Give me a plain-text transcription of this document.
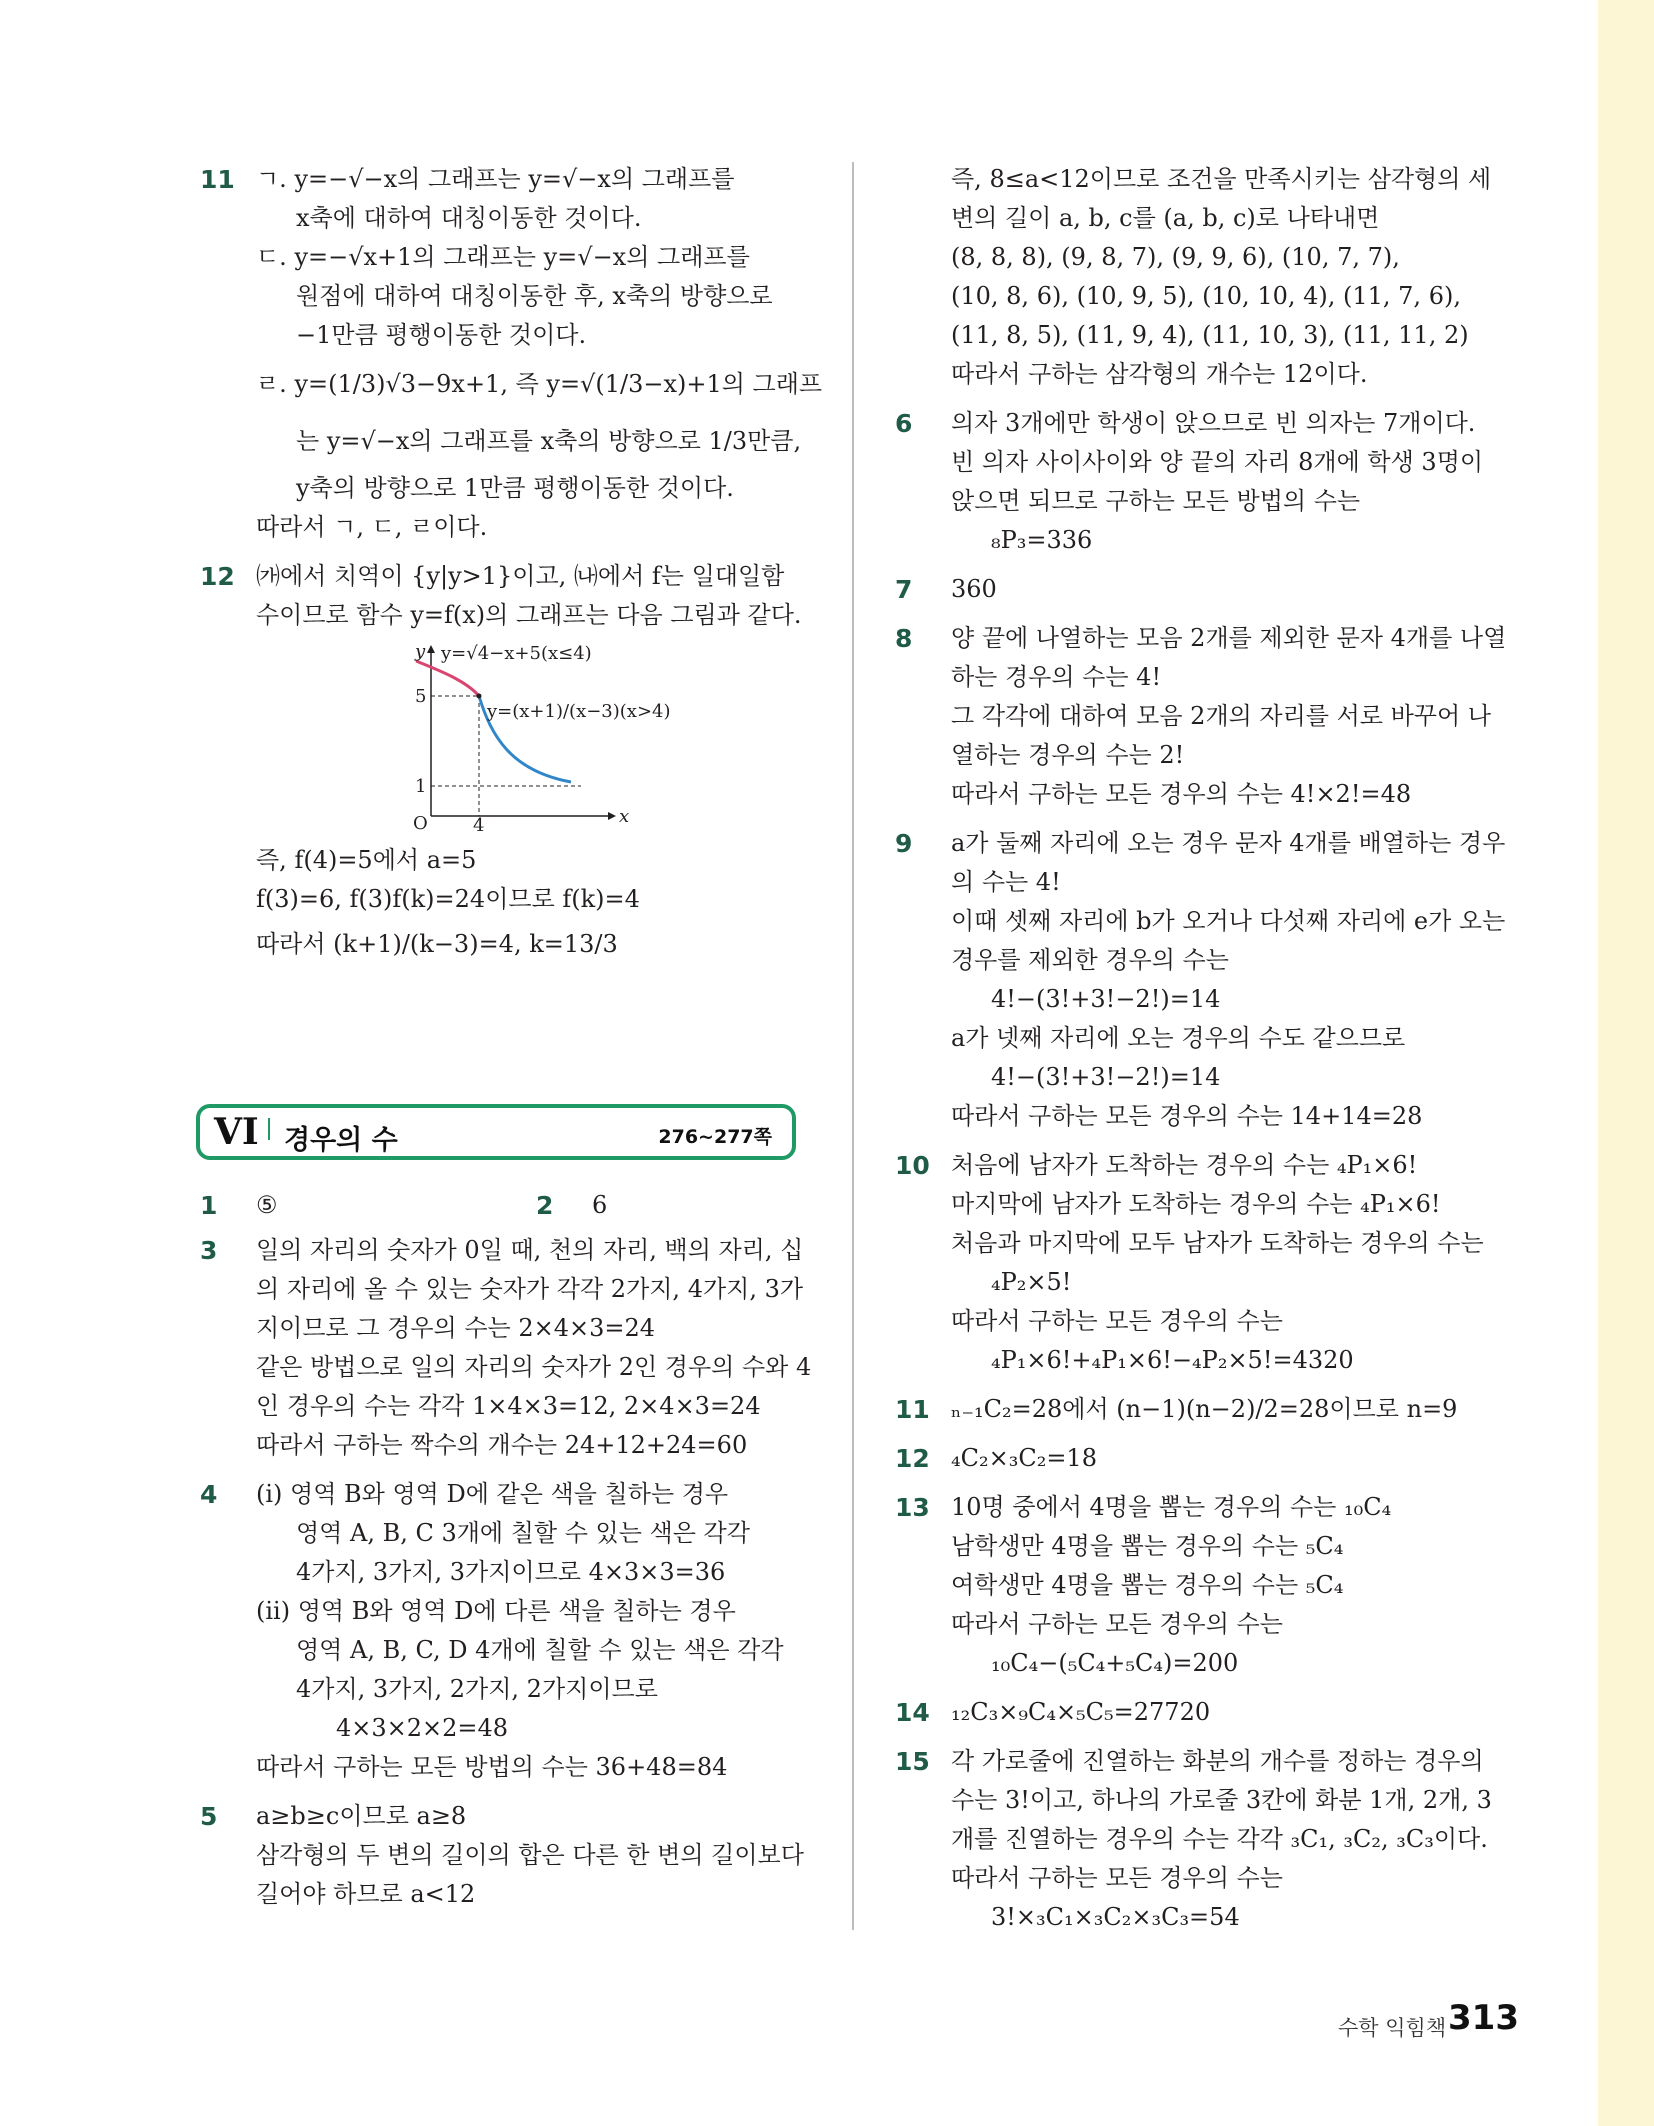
11 ㄱ. y=−√−x의 그래프는 y=√−x의 그래프를
x축에 대하여 대칭이동한 것이다.
ㄷ. y=−√x+1의 그래프는 y=√−x의 그래프를
원점에 대하여 대칭이동한 후, x축의 방향으로
−1만큼 평행이동한 것이다.
ㄹ. y=(1/3)√3−9x+1, 즉 y=√(1/3−x)+1의 그래프
는 y=√−x의 그래프를 x축의 방향으로 1/3만큼,
y축의 방향으로 1만큼 평행이동한 것이다.
따라서 ㄱ, ㄷ, ㄹ이다.
12 ㈎에서 치역이 {y|y>1}이고, ㈏에서 f는 일대일함
수이므로 함수 y=f(x)의 그래프는 다음 그림과 같다.
y
x
O
5
1
4
y=√4−x+5(x≤4)
y=(x+1)/(x−3)(x>4)
즉, f(4)=5에서 a=5
f(3)=6, f(3)f(k)=24이므로 f(k)=4
따라서 (k+1)/(k−3)=4, k=13/3
VI 경우의 수	276~277쪽
1 ⑤	2 6
3 일의 자리의 숫자가 0일 때, 천의 자리, 백의 자리, 십
의 자리에 올 수 있는 숫자가 각각 2가지, 4가지, 3가
지이므로 그 경우의 수는 2×4×3=24
같은 방법으로 일의 자리의 숫자가 2인 경우의 수와 4
인 경우의 수는 각각 1×4×3=12, 2×4×3=24
따라서 구하는 짝수의 개수는 24+12+24=60
4 (i) 영역 B와 영역 D에 같은 색을 칠하는 경우
영역 A, B, C 3개에 칠할 수 있는 색은 각각
4가지, 3가지, 3가지이므로 4×3×3=36
(ii) 영역 B와 영역 D에 다른 색을 칠하는 경우
영역 A, B, C, D 4개에 칠할 수 있는 색은 각각
4가지, 3가지, 2가지, 2가지이므로
4×3×2×2=48
따라서 구하는 모든 방법의 수는 36+48=84
5 a≥b≥c이므로 a≥8
삼각형의 두 변의 길이의 합은 다른 한 변의 길이보다
길어야 하므로 a<12
즉, 8≤a<12이므로 조건을 만족시키는 삼각형의 세
변의 길이 a, b, c를 (a, b, c)로 나타내면
(8, 8, 8), (9, 8, 7), (9, 9, 6), (10, 7, 7),
(10, 8, 6), (10, 9, 5), (10, 10, 4), (11, 7, 6),
(11, 8, 5), (11, 9, 4), (11, 10, 3), (11, 11, 2)
따라서 구하는 삼각형의 개수는 12이다.
6 의자 3개에만 학생이 앉으므로 빈 의자는 7개이다.
빈 의자 사이사이와 양 끝의 자리 8개에 학생 3명이
앉으면 되므로 구하는 모든 방법의 수는
₈P₃=336
7 360
8 양 끝에 나열하는 모음 2개를 제외한 문자 4개를 나열
하는 경우의 수는 4!
그 각각에 대하여 모음 2개의 자리를 서로 바꾸어 나
열하는 경우의 수는 2!
따라서 구하는 모든 경우의 수는 4!×2!=48
9 a가 둘째 자리에 오는 경우 문자 4개를 배열하는 경우
의 수는 4!
이때 셋째 자리에 b가 오거나 다섯째 자리에 e가 오는
경우를 제외한 경우의 수는
4!−(3!+3!−2!)=14
a가 넷째 자리에 오는 경우의 수도 같으므로
4!−(3!+3!−2!)=14
따라서 구하는 모든 경우의 수는 14+14=28
10 처음에 남자가 도착하는 경우의 수는 ₄P₁×6!
마지막에 남자가 도착하는 경우의 수는 ₄P₁×6!
처음과 마지막에 모두 남자가 도착하는 경우의 수는
₄P₂×5!
따라서 구하는 모든 경우의 수는
₄P₁×6!+₄P₁×6!−₄P₂×5!=4320
11 ₙ₋₁C₂=28에서 (n−1)(n−2)/2=28이므로 n=9
12 ₄C₂×₃C₂=18
13 10명 중에서 4명을 뽑는 경우의 수는 ₁₀C₄
남학생만 4명을 뽑는 경우의 수는 ₅C₄
여학생만 4명을 뽑는 경우의 수는 ₅C₄
따라서 구하는 모든 경우의 수는
₁₀C₄−(₅C₄+₅C₄)=200
14 ₁₂C₃×₉C₄×₅C₅=27720
15 각 가로줄에 진열하는 화분의 개수를 정하는 경우의
수는 3!이고, 하나의 가로줄 3칸에 화분 1개, 2개, 3
개를 진열하는 경우의 수는 각각 ₃C₁, ₃C₂, ₃C₃이다.
따라서 구하는 모든 경우의 수는
3!×₃C₁×₃C₂×₃C₃=54
수학 익힘책 313
